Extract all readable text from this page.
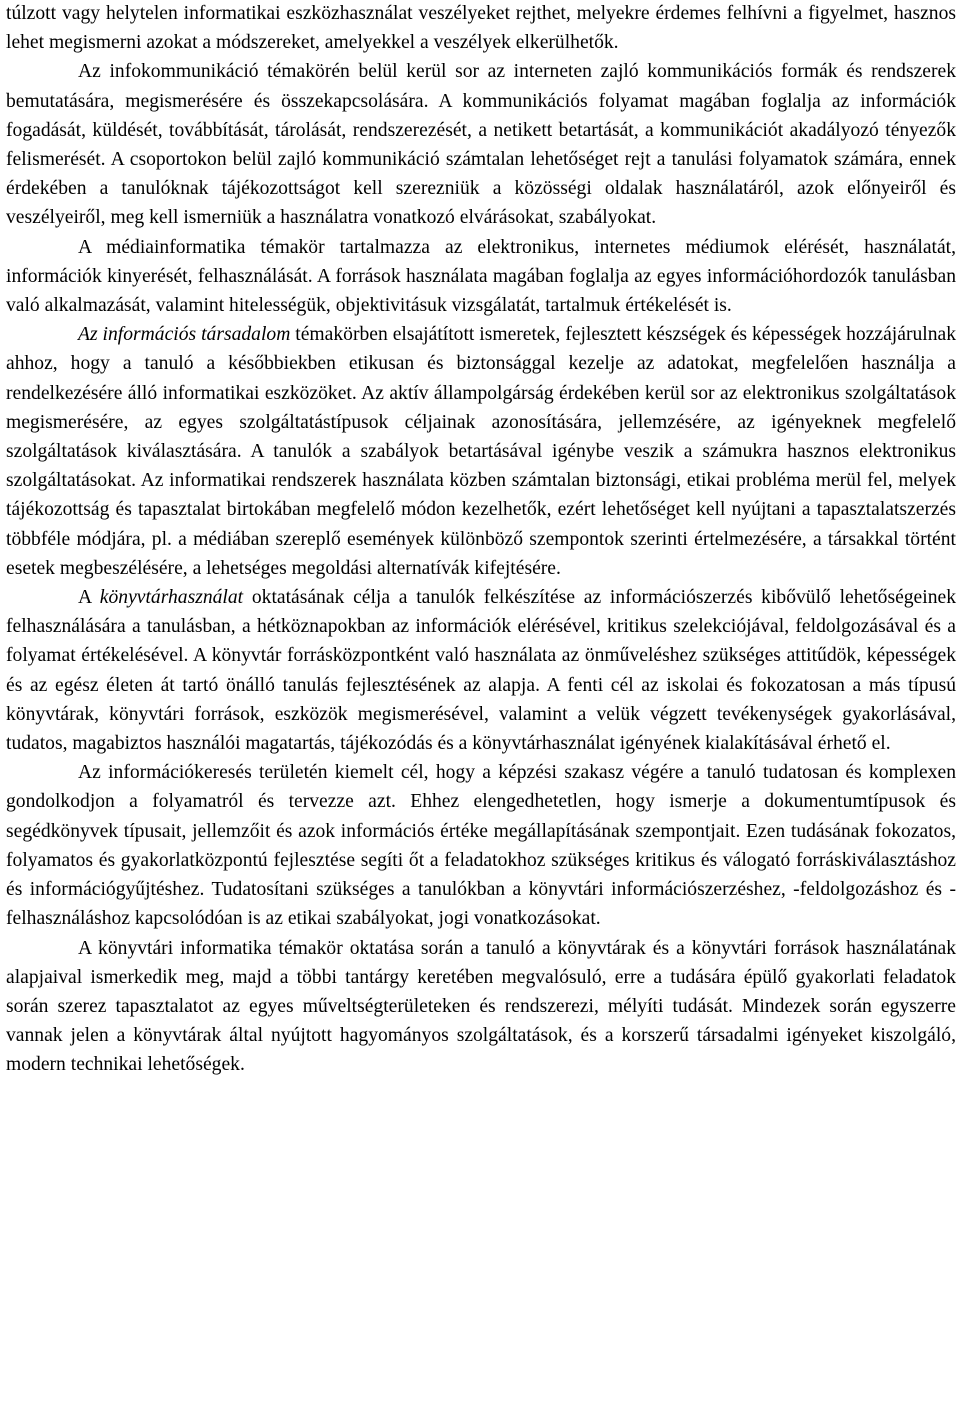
túlzott vagy helytelen informatikai eszközhasználat veszélyeket rejthet, melyekre érdemes felhívni a figyelmet, hasznos lehet megismerni azokat a módszereket, amelyekkel a veszélyek elkerülhetők.

Az infokommunikáció témakörén belül kerül sor az interneten zajló kommunikációs formák és rendszerek bemutatására, megismerésére és összekapcsolására. A kommunikációs folyamat magában foglalja az információk fogadását, küldését, továbbítását, tárolását, rendszerezését, a netikett betartását, a kommunikációt akadályozó tényezők felismerését. A csoportokon belül zajló kommunikáció számtalan lehetőséget rejt a tanulási folyamatok számára, ennek érdekében a tanulóknak tájékozottságot kell szerezniük a közösségi oldalak használatáról, azok előnyeiről és veszélyeiről, meg kell ismerniük a használatra vonatkozó elvárásokat, szabályokat.

A médiainformatika témakör tartalmazza az elektronikus, internetes médiumok elérését, használatát, információk kinyerését, felhasználását. A források használata magában foglalja az egyes információhordozók tanulásban való alkalmazását, valamint hitelességük, objektivitásuk vizsgálatát, tartalmuk értékelését is.

Az információs társadalom témakörben elsajátított ismeretek, fejlesztett készségek és képességek hozzájárulnak ahhoz, hogy a tanuló a későbbiekben etikusan és biztonsággal kezelje az adatokat, megfelelően használja a rendelkezésére álló informatikai eszközöket. Az aktív állampolgárság érdekében kerül sor az elektronikus szolgáltatások megismerésére, az egyes szolgáltatástípusok céljainak azonosítására, jellemzésére, az igényeknek megfelelő szolgáltatások kiválasztására. A tanulók a szabályok betartásával igénybe veszik a számukra hasznos elektronikus szolgáltatásokat. Az informatikai rendszerek használata közben számtalan biztonsági, etikai probléma merül fel, melyek tájékozottság és tapasztalat birtokában megfelelő módon kezelhetők, ezért lehetőséget kell nyújtani a tapasztalatszerzés többféle módjára, pl. a médiában szereplő események különböző szempontok szerinti értelmezésére, a társakkal történt esetek megbeszélésére, a lehetséges megoldási alternatívák kifejtésére.

A könyvtárhasználat oktatásának célja a tanulók felkészítése az információszerzés kibővülő lehetőségeinek felhasználására a tanulásban, a hétköznapokban az információk elérésével, kritikus szelekciójával, feldolgozásával és a folyamat értékelésével. A könyvtár forrásközpontként való használata az önműveléshez szükséges attitűdök, képességek és az egész életen át tartó önálló tanulás fejlesztésének az alapja. A fenti cél az iskolai és fokozatosan a más típusú könyvtárak, könyvtári források, eszközök megismerésével, valamint a velük végzett tevékenységek gyakorlásával, tudatos, magabiztos használói magatartás, tájékozódás és a könyvtárhasználat igényének kialakításával érhető el.

Az információkeresés területén kiemelt cél, hogy a képzési szakasz végére a tanuló tudatosan és komplexen gondolkodjon a folyamatról és tervezze azt. Ehhez elengedhetetlen, hogy ismerje a dokumentumtípusok és segédkönyvek típusait, jellemzőit és azok információs értéke megállapításának szempontjait. Ezen tudásának fokozatos, folyamatos és gyakorlatközpontú fejlesztése segíti őt a feladatokhoz szükséges kritikus és válogató forráskiválasztáshoz és információgyűjtéshez. Tudatosítani szükséges a tanulókban a könyvtári információszerzéshez, -feldolgozáshoz és -felhasználáshoz kapcsolódóan is az etikai szabályokat, jogi vonatkozásokat.

A könyvtári informatika témakör oktatása során a tanuló a könyvtárak és a könyvtári források használatának alapjaival ismerkedik meg, majd a többi tantárgy keretében megvalósuló, erre a tudására épülő gyakorlati feladatok során szerez tapasztalatot az egyes műveltségterületeken és rendszerezi, mélyíti tudását. Mindezek során egyszerre vannak jelen a könyvtárak által nyújtott hagyományos szolgáltatások, és a korszerű társadalmi igényeket kiszolgáló, modern technikai lehetőségek.
